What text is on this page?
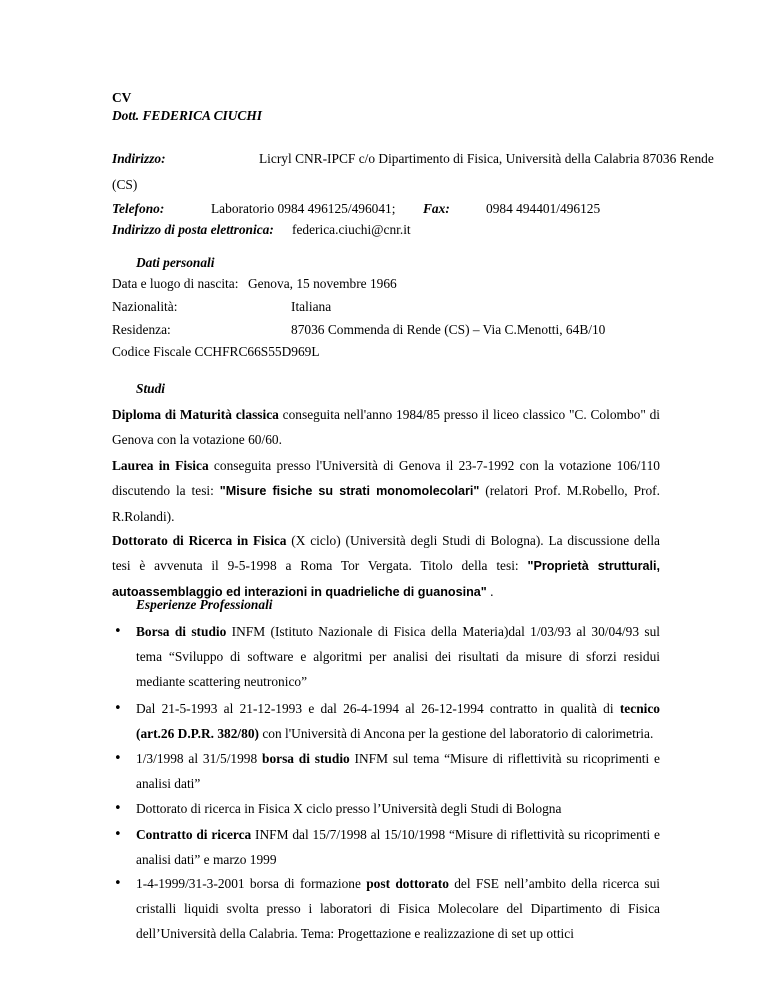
CV
Dott. FEDERICA CIUCHI
Indirizzo:	Licryl CNR-IPCF c/o Dipartimento di Fisica, Università della Calabria 87036 Rende
(CS)
Telefono:	Laboratorio 0984 496125/496041; Fax:	0984 494401/496125
Indirizzo di posta elettronica: federica.ciuchi@cnr.it
Dati personali
Data e luogo di nascita: Genova, 15 novembre 1966
Nazionalità:	Italiana
Residenza:	87036 Commenda di Rende (CS) – Via C.Menotti, 64B/10
Codice Fiscale CCHFRC66S55D969L
Studi
Diploma di Maturità classica conseguita nell'anno 1984/85 presso il liceo classico "C. Colombo" di Genova con la votazione 60/60.
Laurea in Fisica conseguita presso l'Università di Genova il 23-7-1992 con la votazione 106/110 discutendo la tesi: "Misure fisiche su strati monomolecolari" (relatori Prof. M.Robello, Prof. R.Rolandi).
Dottorato di Ricerca in Fisica (X ciclo) (Università degli Studi di Bologna). La discussione della tesi è avvenuta il 9-5-1998 a Roma Tor Vergata. Titolo della tesi: "Proprietà strutturali, autoassemblaggio ed interazioni in quadrieliche di guanosina" .
Esperienze Professionali
• Borsa di studio INFM (Istituto Nazionale di Fisica della Materia)dal 1/03/93 al 30/04/93 sul tema “Sviluppo di software e algoritmi per analisi dei risultati da misure di sforzi residui mediante scattering neutronico”
• Dal 21-5-1993 al 21-12-1993 e dal 26-4-1994 al 26-12-1994 contratto in qualità di tecnico (art.26 D.P.R. 382/80) con l'Università di Ancona per la gestione del laboratorio di calorimetria.
• 1/3/1998 al 31/5/1998 borsa di studio INFM sul tema “Misure di riflettività su ricoprimenti e analisi dati”
• Dottorato di ricerca in Fisica X ciclo presso l’Università degli Studi di Bologna
• Contratto di ricerca INFM dal 15/7/1998 al 15/10/1998 “Misure di riflettività su ricoprimenti e analisi dati” e marzo 1999
• 1-4-1999/31-3-2001 borsa di formazione post dottorato del FSE nell’ambito della ricerca sui cristalli liquidi svolta presso i laboratori di Fisica Molecolare del Dipartimento di Fisica dell’Università della Calabria. Tema: Progettazione e realizzazione di set up ottici
